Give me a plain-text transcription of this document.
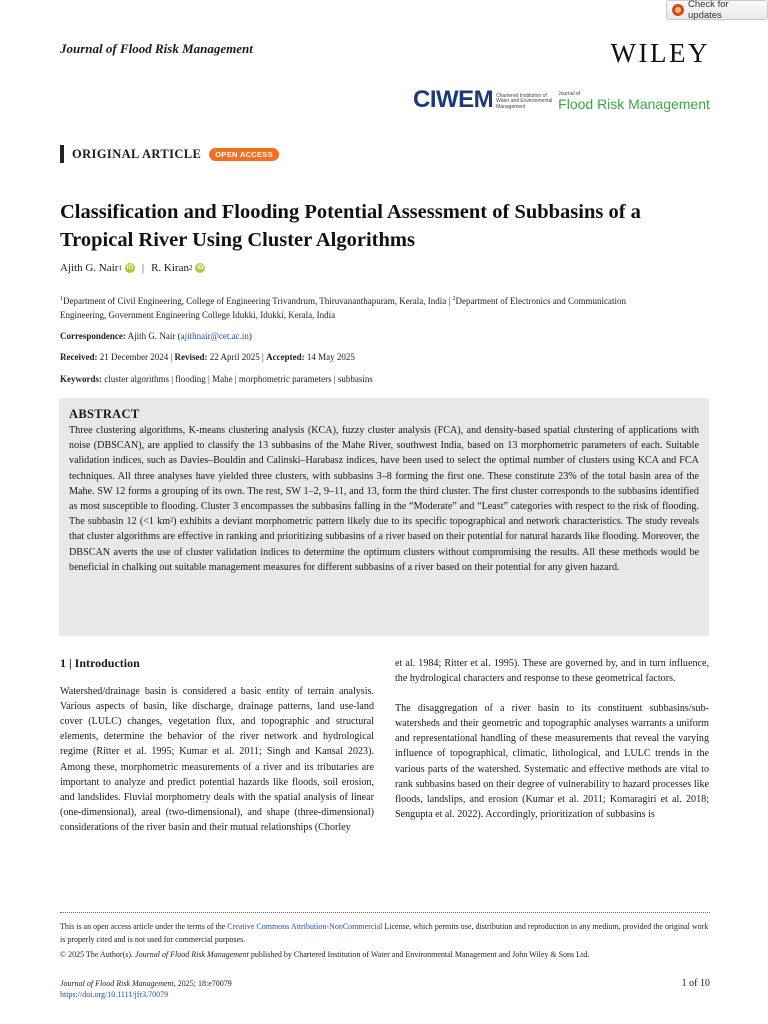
Check for updates
Journal of Flood Risk Management	WILEY
CIWEM Chartered Institution of Water and Environmental Management
Journal of
Flood Risk Management
ORIGINAL ARTICLE	OPEN ACCESS
Classification and Flooding Potential Assessment of Subbasins of a Tropical River Using Cluster Algorithms
Ajith G. Nair 1 iD | R. Kiran 2 iD
$^1$Department of Civil Engineering, College of Engineering Trivandrum, Thiruvananthapuram, Kerala, India | $^2$Department of Electronics and Communication Engineering, Government Engineering College Idukki, Idukki, Kerala, India
Correspondence: Ajith G. Nair (ajithnair@cet.ac.in)
Received: 21 December 2024 | Revised: 22 April 2025 | Accepted: 14 May 2025
Keywords: cluster algorithms | flooding | Mahe | morphometric parameters | subbasins
ABSTRACT

Three clustering algorithms, K-means clustering analysis (KCA), fuzzy cluster analysis (FCA), and density-based spatial clustering of applications with noise (DBSCAN), are applied to classify the 13 subbasins of the Mahe River, southwest India, based on 13 morphometric parameters of each. Suitable validation indices, such as Davies–Bouldin and Calinski–Harabasz indices, have been used to select the optimal number of clusters using KCA and FCA techniques. All three analyses have yielded three clusters, with subbasins 3–8 forming the first one. These constitute 23% of the total basin area of the Mahe. SW 12 forms a grouping of its own. The rest, SW 1–2, 9–11, and 13, form the third cluster. The first cluster corresponds to the subbasins identified as most susceptible to flooding. Cluster 3 encompasses the subbasins falling in the “Moderate” and “Least” categories with respect to the risk of flooding. The subbasin 12 (<1 km²) exhibits a deviant morphometric pattern likely due to its specific topographical and network characteristics. The study reveals that cluster algorithms are effective in ranking and prioritizing subbasins of a river based on their potential for natural hazards like flooding. Moreover, the DBSCAN averts the use of cluster validation indices to determine the optimum clusters without compromising the results. All these methods would be beneficial in chalking out suitable management measures for different subbasins of a river based on their potential for any given hazard.

1 | Introduction

Watershed/drainage basin is considered a basic entity of terrain analysis. Various aspects of basin, like discharge, drainage patterns, land use-land cover (LULC) changes, vegetation flux, and topographic and structural elements, determine the behavior of the river network and hydrological regime (Ritter et al. 1995; Kumar et al. 2011; Singh and Kansal 2023). Among these, morphometric measurements of a river and its tributaries are important to analyze and predict potential hazards like floods, soil erosion, and landslides. Fluvial morphometry deals with the spatial analysis of linear (one-dimensional), areal (two-dimensional), and shape (three-dimensional) considerations of the river basin and their mutual relationships (Chorley

et al. 1984; Ritter et al. 1995). These are governed by, and in turn influence, the hydrological characters and response to these geometrical factors.

The disaggregation of a river basin to its constituent subbasins/sub-watersheds and their geometric and topographic analyses warrants a uniform and representational handling of these measurements that reveal the varying influence of topographical, climatic, lithological, and LULC trends in the various parts of the watershed. Systematic and effective methods are vital to rank subbasins based on their degree of vulnerability to hazard processes like floods, landslips, and erosion (Kumar et al. 2011; Komaragiri et al. 2018; Sengupta et al. 2022). Accordingly, prioritization of subbasins is

This is an open access article under the terms of the Creative Commons Attribution-NonCommercial License, which permits use, distribution and reproduction in any medium, provided the original work is properly cited and is not used for commercial purposes.
© 2025 The Author(s). Journal of Flood Risk Management published by Chartered Institution of Water and Environmental Management and John Wiley & Sons Ltd.
Journal of Flood Risk Management, 2025; 18:e70079
https://doi.org/10.1111/jfr3.70079
1 of 10
